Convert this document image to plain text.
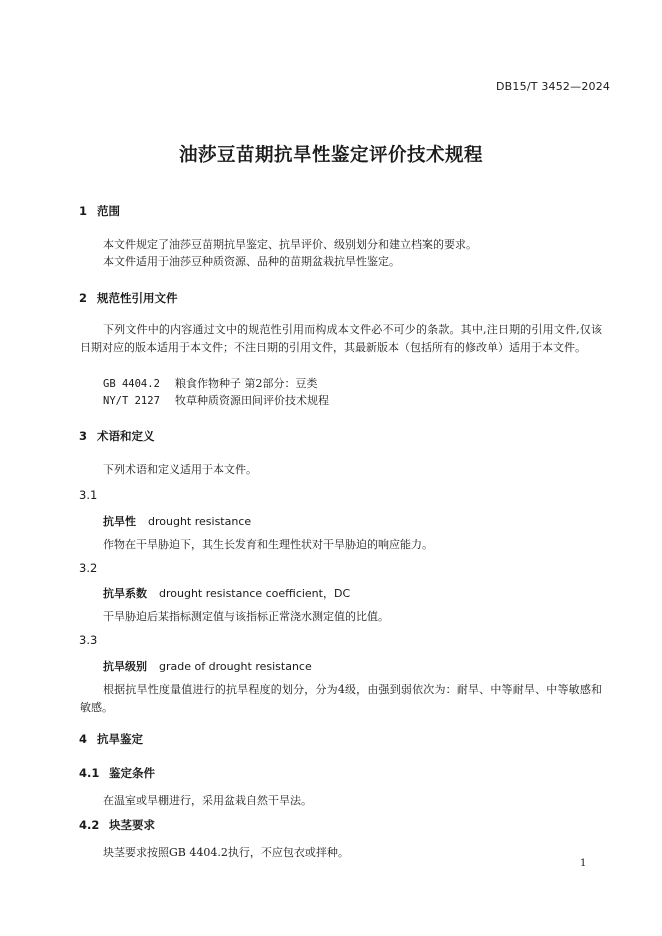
DB15/T 3452—2024
油莎豆苗期抗旱性鉴定评价技术规程
1 范围
本文件规定了油莎豆苗期抗旱鉴定、抗旱评价、级别划分和建立档案的要求。
本文件适用于油莎豆种质资源、品种的苗期盆栽抗旱性鉴定。
2 规范性引用文件
下列文件中的内容通过文中的规范性引用而构成本文件必不可少的条款。其中,注日期的引用文件,仅该日期对应的版本适用于本文件；不注日期的引用文件，其最新版本（包括所有的修改单）适用于本文件。
GB 4404.2 粮食作物种子 第2部分：豆类
NY/T 2127 牧草种质资源田间评价技术规程
3 术语和定义
下列术语和定义适用于本文件。
3.1
抗旱性 drought resistance
作物在干旱胁迫下，其生长发育和生理性状对干旱胁迫的响应能力。
3.2
抗旱系数 drought resistance coefficient，DC
干旱胁迫后某指标测定值与该指标正常浇水测定值的比值。
3.3
抗旱级别 grade of drought resistance
根据抗旱性度量值进行的抗旱程度的划分，分为4级，由强到弱依次为：耐旱、中等耐旱、中等敏感和敏感。
4 抗旱鉴定
4.1 鉴定条件
在温室或旱棚进行，采用盆栽自然干旱法。
4.2 块茎要求
块茎要求按照GB 4404.2执行，不应包衣或拌种。
1
